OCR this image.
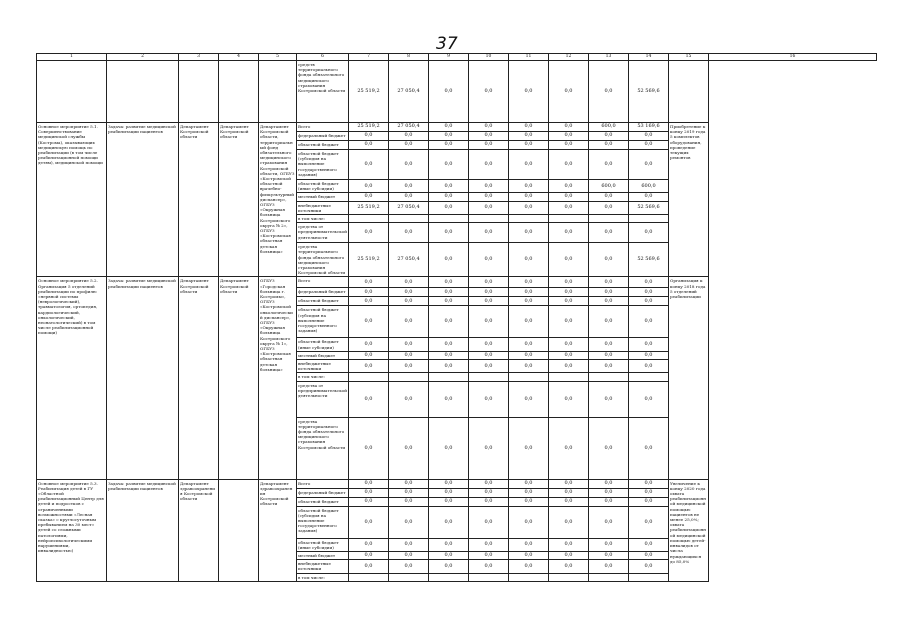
37
1	2	3	4	5	6	7	8	9	10	11	12	13	14	15	16
					средств территориального фонда обязательного медицинского страхования Костромской области	25 519,2	27 050,4	0,0	0,0	0,0	0,0	0,0	52 569,6		
Основное мероприятие 5.1. Совершенствование медицинской службы (Кострома), оказывающих медицинскую помощь по реабилитации (в том числе реабилитационной помощи детям), медицинской помощи	Задача: развитие медицинской реабилитации пациентов	Департамент Костромской области	Департамент Костромской области	Департамент Костромской области, территориальный фонд обязательного медицинского страхования Костромской области, ОГБУЗ «Костромской областной врачебно-физкультурный диспансер», ОГБУЗ «Окружная больница Костромского округа № 2», ОГБУЗ «Костромская областная детская больница»	Всего	25 519,2	27 050,4	0,0	0,0	0,0	0,0	600,0	53 169,6	Приобретение к концу 2019 года 5 комплектов оборудования, проведение текущих ремонтов	
					федеральный бюджет	0,0	0,0	0,0	0,0	0,0	0,0	0,0	0,0		
					областной бюджет	0,0	0,0	0,0	0,0	0,0	0,0	0,0	0,0		
					областной бюджет (субсидия на выполнение государственного задания)	0,0	0,0	0,0	0,0	0,0	0,0	0,0	0,0		
					областной бюджет (иные субсидии)	0,0	0,0	0,0	0,0	0,0	0,0	600,0	600,0		
					местный бюджет	0,0	0,0	0,0	0,0	0,0	0,0	0,0	0,0		
					внебюджетные источники	25 519,2	27 050,4	0,0	0,0	0,0	0,0	0,0	52 569,6		
					в том числе:										
					средства от предпринимательской деятельности	0,0	0,0	0,0	0,0	0,0	0,0	0,0	0,0		
					средства территориального фонда обязательного медицинского страхования Костромской области	25 519,2	27 050,4	0,0	0,0	0,0	0,0	0,0	52 569,6		
Основное мероприятие 5.2. Организация 5 отделений реабилитации по профилю «нервной системы (неврологический), травматология, ортопедия, кардиологический, онкологический, неонатологический) в том числе реабилитационной помощи)	Задача: развитие медицинской реабилитации пациентов	Департамент Костромской области	Департамент Костромской области	ОГБУЗ «Городская больница г. Костромы», ОГБУЗ «Костромской онкологический диспансер», ОГБУЗ «Окружная больница Костромского округа № 1», ОГБУЗ «Костромская областная детская больница»	Всего	0,0	0,0	0,0	0,0	0,0	0,0	0,0	0,0	Организация к концу 2018 года 5 отделений реабилитации	
					федеральный бюджет	0,0	0,0	0,0	0,0	0,0	0,0	0,0	0,0		
					областной бюджет	0,0	0,0	0,0	0,0	0,0	0,0	0,0	0,0		
					областной бюджет (субсидия на выполнение государственного задания)	0,0	0,0	0,0	0,0	0,0	0,0	0,0	0,0		
					областной бюджет (иные субсидии)	0,0	0,0	0,0	0,0	0,0	0,0	0,0	0,0		
					местный бюджет	0,0	0,0	0,0	0,0	0,0	0,0	0,0	0,0		
					внебюджетные источники	0,0	0,0	0,0	0,0	0,0	0,0	0,0	0,0		
					в том числе:										
					средства от предпринимательской деятельности	0,0	0,0	0,0	0,0	0,0	0,0	0,0	0,0		
					средства территориального фонда обязательного медицинского страхования Костромской области	0,0	0,0	0,0	0,0	0,0	0,0	0,0	0,0		
Основное мероприятие 5.3. Реабилитация детей в ГУ «Областной реабилитационный Центр для детей и подростков с ограниченными возможностями «Лесная сказка» с круглосуточным пребыванием на 30 мест» детей со сложными патологиями, нейропсихологическими нарушениями, инвалидностью)	Задача: развитие медицинской реабилитации пациентов	Департамент здравоохранения Костромской области		Департамент здравоохранения Костромской области	Всего	0,0	0,0	0,0	0,0	0,0	0,0	0,0	0,0	Увеличение к концу 2020 года охвата реабилитационной медицинской помощью пациентов не менее 25,0%; охвата реабилитационной медицинской помощью детей-инвалидов от числа нуждающихся до 85,0%	
					федеральный бюджет	0,0	0,0	0,0	0,0	0,0	0,0	0,0	0,0		
					областной бюджет	0,0	0,0	0,0	0,0	0,0	0,0	0,0	0,0		
					областной бюджет (субсидия на выполнение государственного задания)	0,0	0,0	0,0	0,0	0,0	0,0	0,0	0,0		
					областной бюджет (иные субсидии)	0,0	0,0	0,0	0,0	0,0	0,0	0,0	0,0		
					местный бюджет	0,0	0,0	0,0	0,0	0,0	0,0	0,0	0,0		
					внебюджетные источники	0,0	0,0	0,0	0,0	0,0	0,0	0,0	0,0		
					в том числе:										
